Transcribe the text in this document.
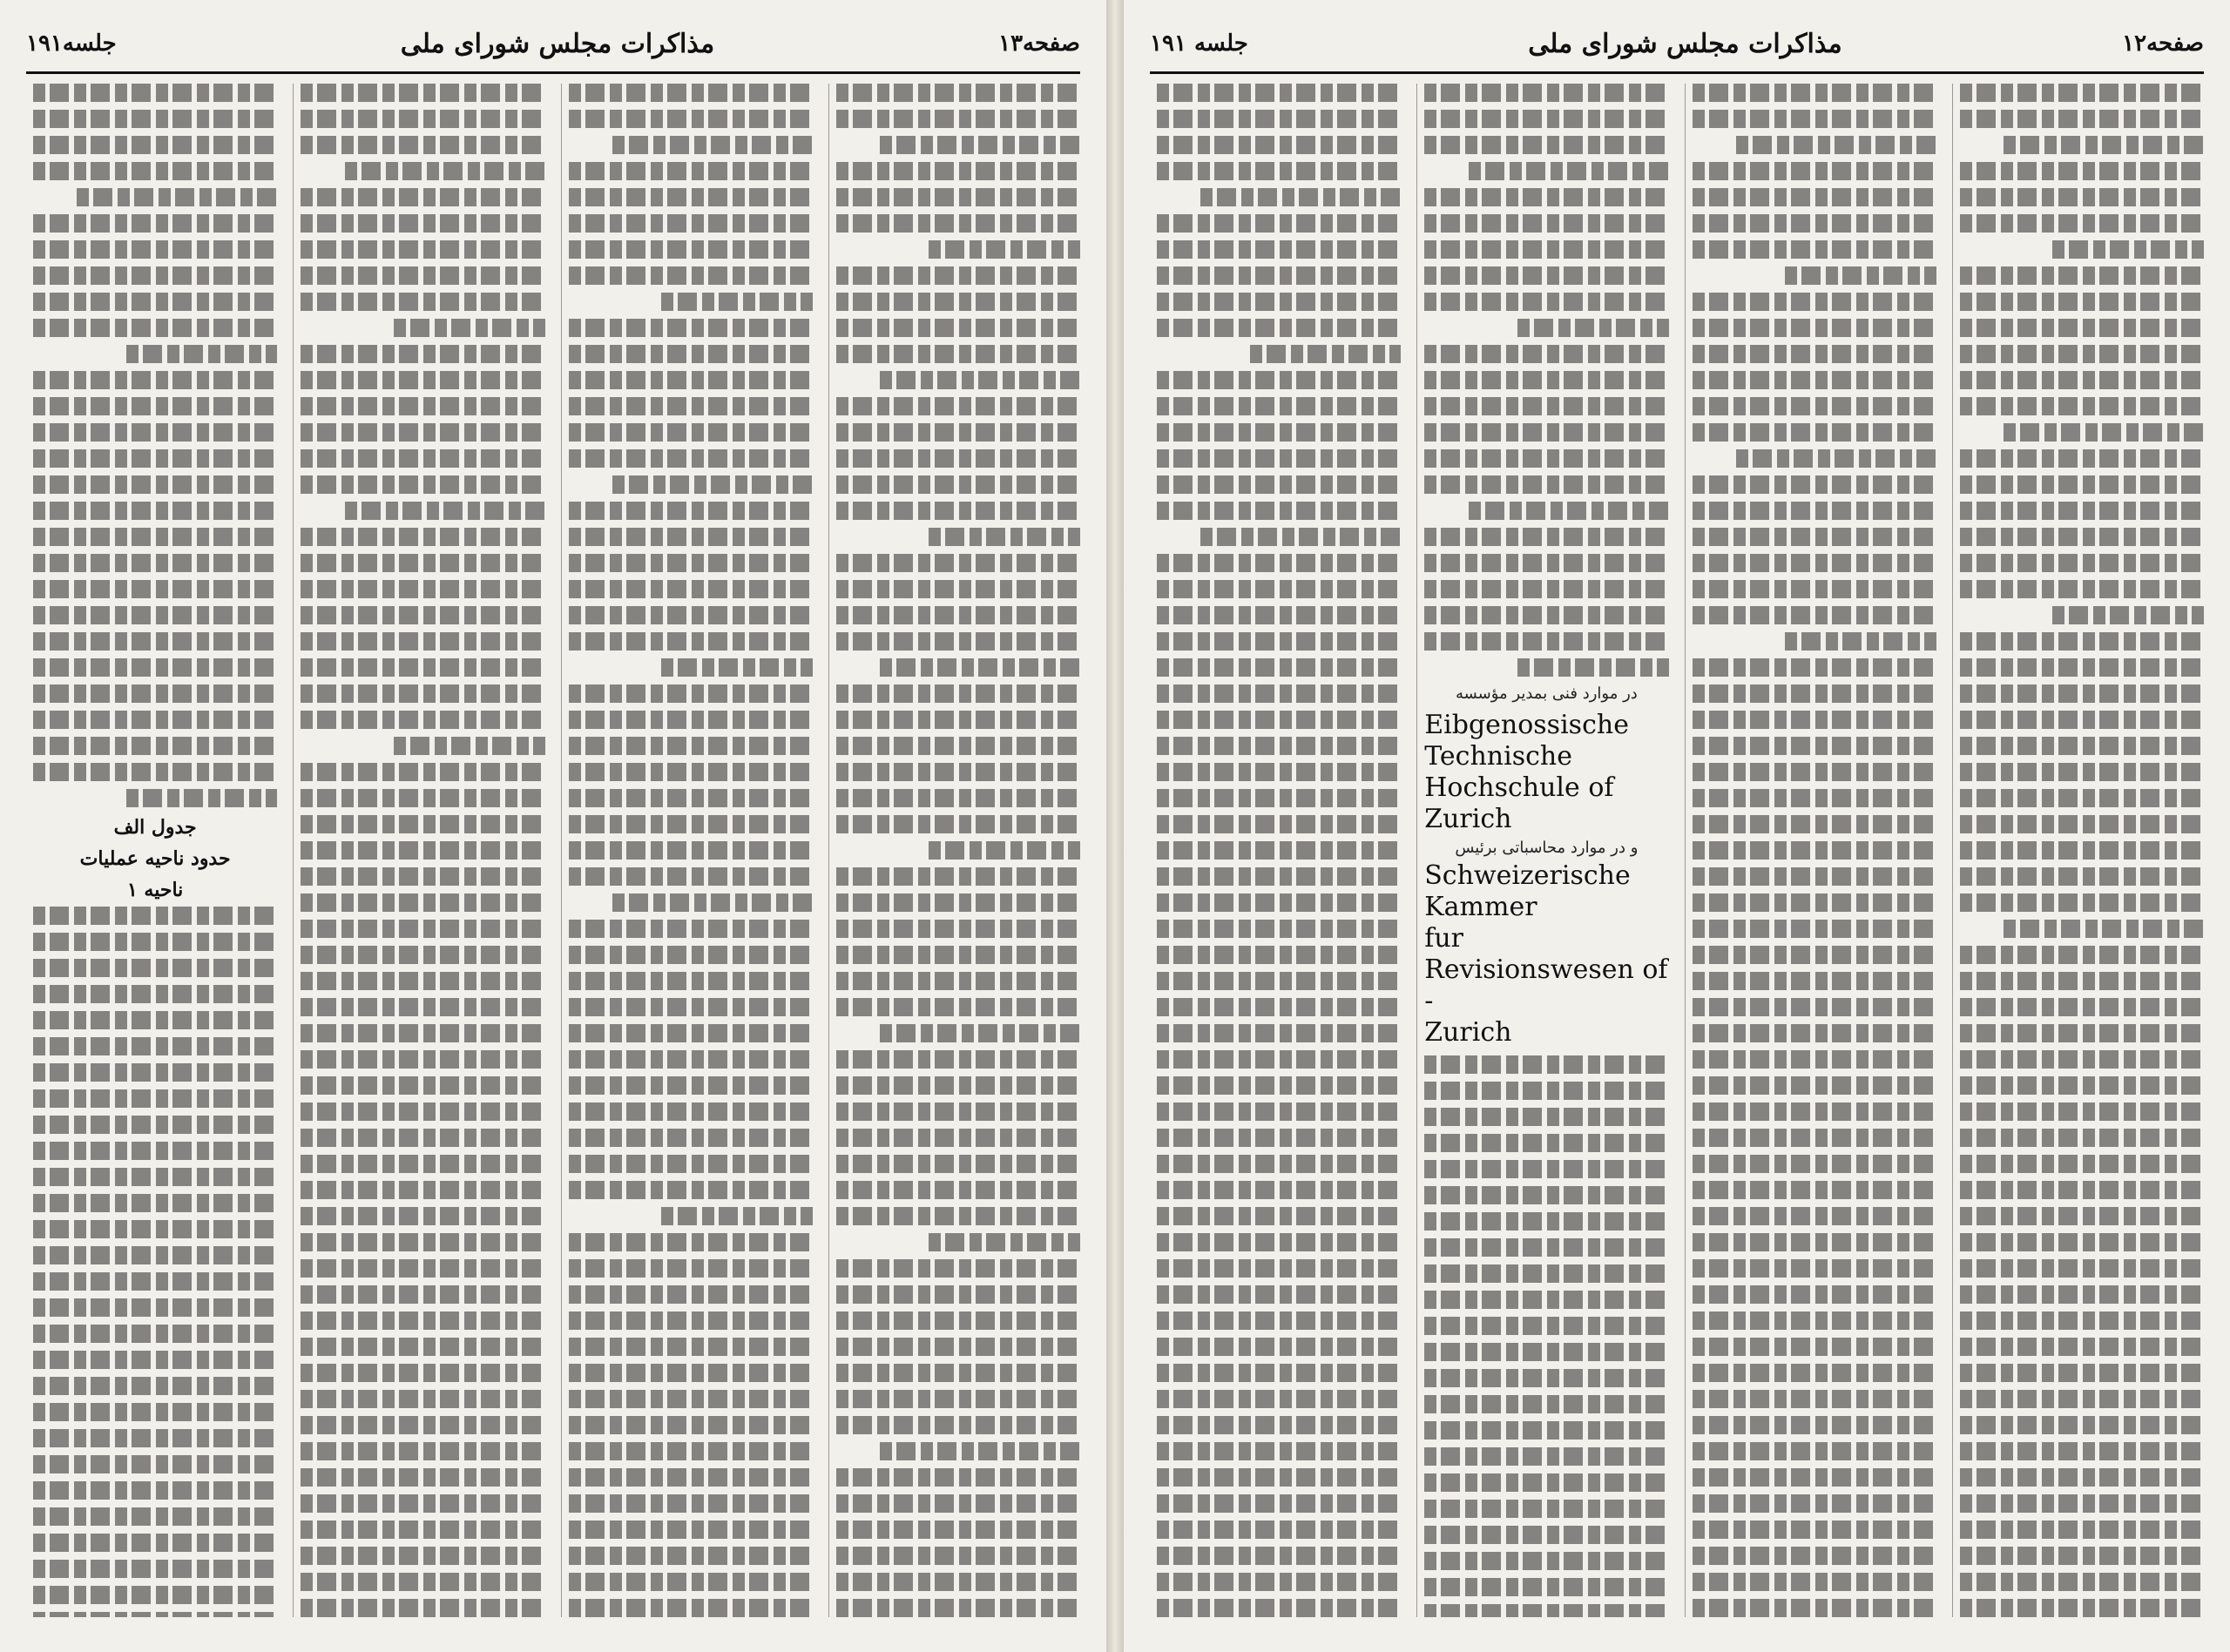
صفحه۱۳
مذاکرات مجلس شورای ملی
جلسه۱۹۱
جدول الف
حدود ناحیه عملیات
ناحیه ۱
صفحه۱۲
مذاکرات مجلس شورای ملی
جلسه ۱۹۱
در موارد فنی بمدیر مؤسسه
Eibgenossische Technische
Hochschule of Zurich
و در موارد محاسباتی برئیس
Schweizerische Kammer
fur Revisionswesen of -
Zurich
